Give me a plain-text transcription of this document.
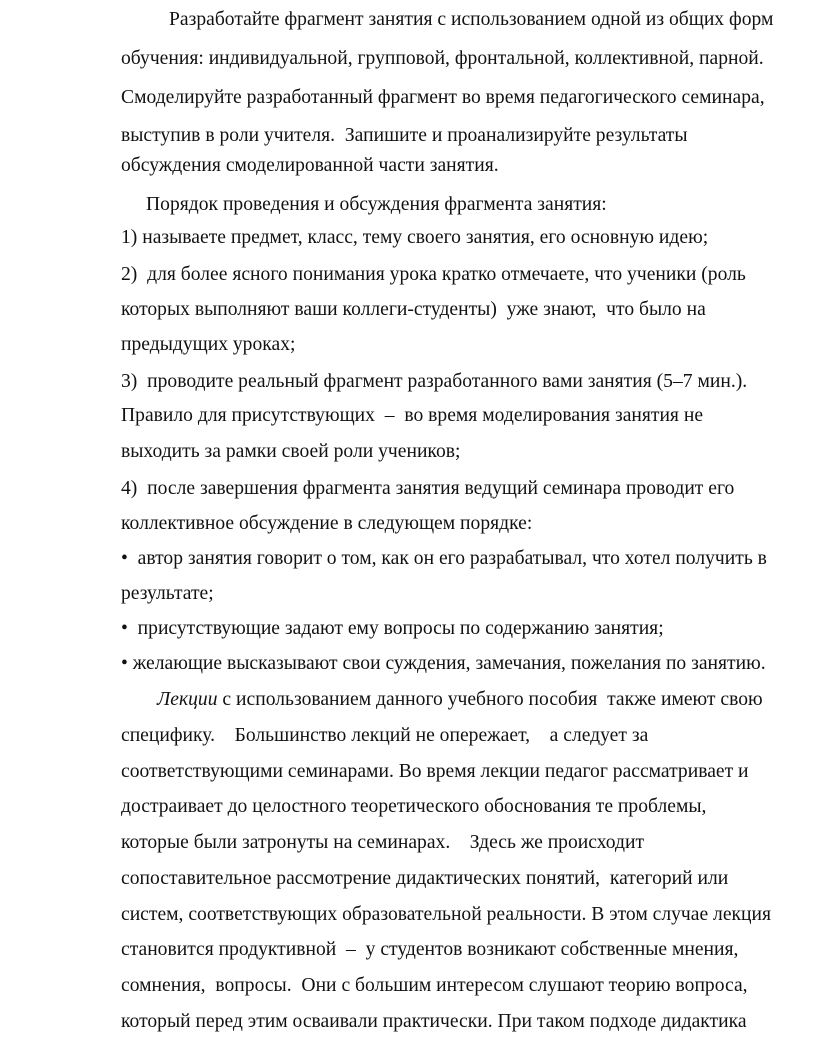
Разработайте фрагмент занятия с использованием одной из общих форм
обучения: индивидуальной, групповой, фронтальной, коллективной, парной.
Смоделируйте разработанный фрагмент во время педагогического семинара,
выступив в роли учителя.  Запишите и проанализируйте результаты
обсуждения смоделированной части занятия.
Порядок проведения и обсуждения фрагмента занятия:
1) называете предмет, класс, тему своего занятия, его основную идею;
2)  для более ясного понимания урока кратко отмечаете, что ученики (роль
которых выполняют ваши коллеги-студенты)  уже знают,  что было на
предыдущих уроках;
3)  проводите реальный фрагмент разработанного вами занятия (5–7 мин.).
Правило для присутствующих  –  во время моделирования занятия не
выходить за рамки своей роли учеников;
4)  после завершения фрагмента занятия ведущий семинара проводит его
коллективное обсуждение в следующем порядке:
•  автор занятия говорит о том, как он его разрабатывал, что хотел получить в
результате;
•  присутствующие задают ему вопросы по содержанию занятия;
• желающие высказывают свои суждения, замечания, пожелания по занятию.
Лекции с использованием данного учебного пособия  также имеют свою
специфику.    Большинство лекций не опережает,    а следует за
соответствующими семинарами. Во время лекции педагог рассматривает и
достраивает до целостного теоретического обоснования те проблемы,
которые были затронуты на семинарах.    Здесь же происходит
сопоставительное рассмотрение дидактических понятий,  категорий или
систем, соответствующих образовательной реальности. В этом случае лекция
становится продуктивной  –  у студентов возникают собственные мнения,
сомнения,  вопросы.  Они с большим интересом слушают теорию вопроса,
который перед этим осваивали практически. При таком подходе дидактика
